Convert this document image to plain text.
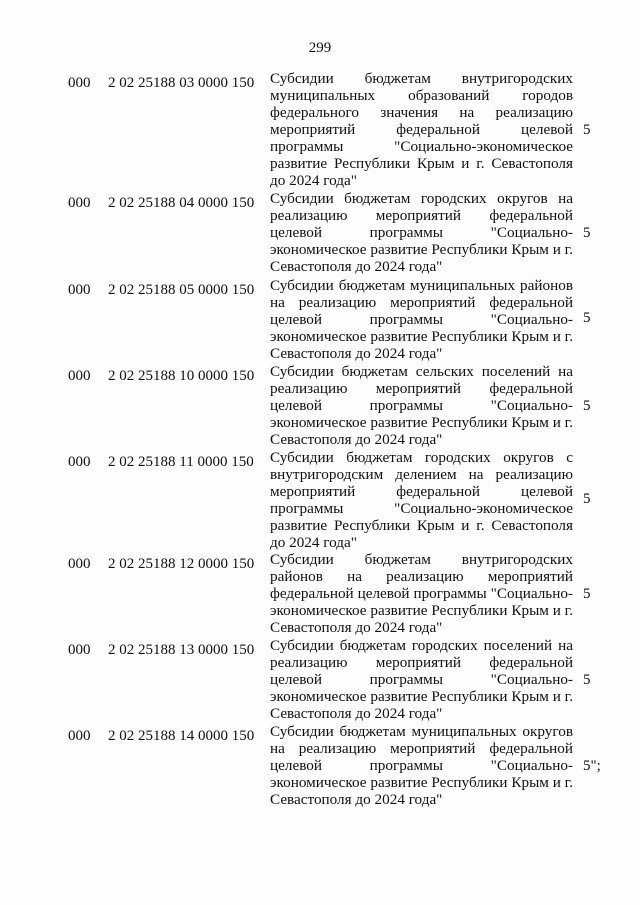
299
000	2 02 25188 03 0000 150	Субсидии бюджетам внутригородских муниципальных образований городов федерального значения на реализацию мероприятий федеральной целевой программы "Социально-экономическое развитие Республики Крым и г. Севастополя до 2024 года"
5
000	2 02 25188 04 0000 150	Субсидии бюджетам городских округов на реализацию мероприятий федеральной целевой программы "Социально-экономическое развитие Республики Крым и г. Севастополя до 2024 года"
5
000	2 02 25188 05 0000 150	Субсидии бюджетам муниципальных районов на реализацию мероприятий федеральной целевой программы "Социально-экономическое развитие Республики Крым и г. Севастополя до 2024 года"
5
000	2 02 25188 10 0000 150	Субсидии бюджетам сельских поселений на реализацию мероприятий федеральной целевой программы "Социально-экономическое развитие Республики Крым и г. Севастополя до 2024 года"
5
000	2 02 25188 11 0000 150	Субсидии бюджетам городских округов с внутригородским делением на реализацию мероприятий федеральной целевой программы "Социально-экономическое развитие Республики Крым и г. Севастополя до 2024 года"
5
000	2 02 25188 12 0000 150	Субсидии бюджетам внутригородских районов на реализацию мероприятий федеральной целевой программы "Социально-экономическое развитие Республики Крым и г. Севастополя до 2024 года"
5
000	2 02 25188 13 0000 150	Субсидии бюджетам городских поселений на реализацию мероприятий федеральной целевой программы "Социально-экономическое развитие Республики Крым и г. Севастополя до 2024 года"
5
000	2 02 25188 14 0000 150	Субсидии бюджетам муниципальных округов на реализацию мероприятий федеральной целевой программы "Социально-экономическое развитие Республики Крым и г. Севастополя до 2024 года"
5";
